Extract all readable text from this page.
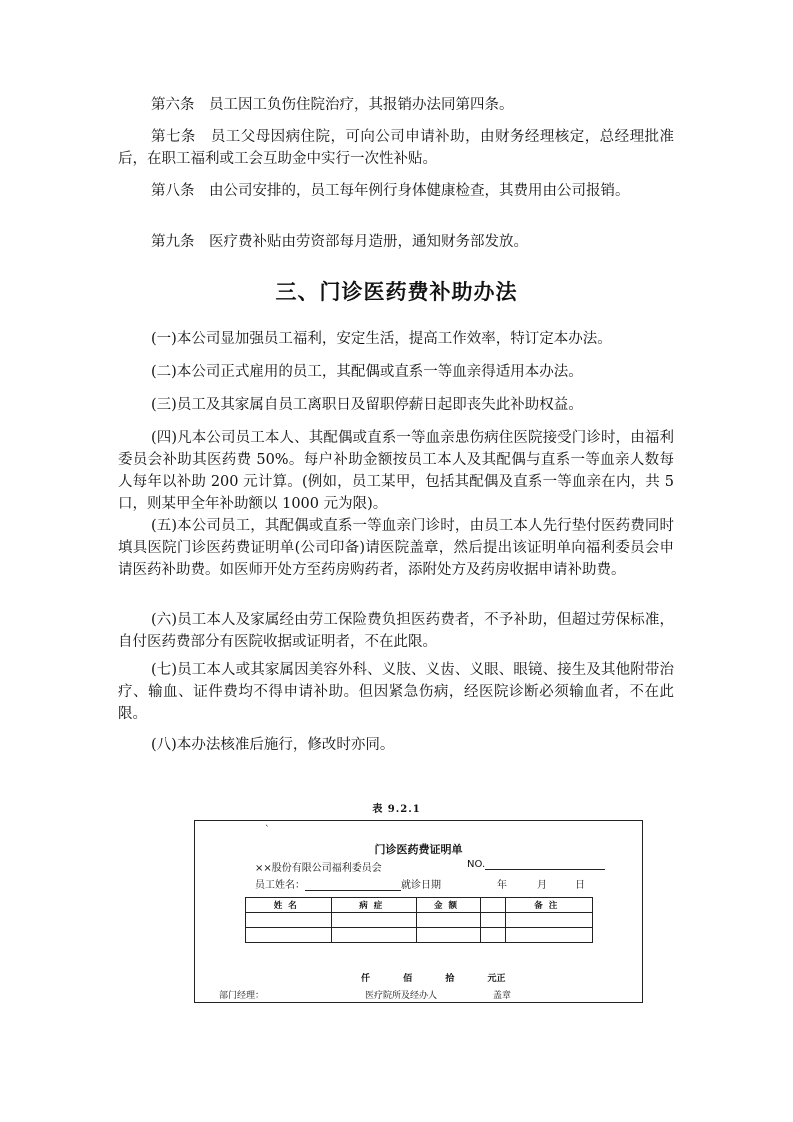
第六条　员工因工负伤住院治疗，其报销办法同第四条。

第七条　员工父母因病住院，可向公司申请补助，由财务经理核定，总经理批准后，在职工福利或工会互助金中实行一次性补贴。

第八条　由公司安排的，员工每年例行身体健康检查，其费用由公司报销。

第九条　医疗费补贴由劳资部每月造册，通知财务部发放。

三、门诊医药费补助办法

(一)本公司显加强员工福利，安定生活，提高工作效率，特订定本办法。

(二)本公司正式雇用的员工，其配偶或直系一等血亲得适用本办法。

(三)员工及其家属自员工离职日及留职停薪日起即丧失此补助权益。

(四)凡本公司员工本人、其配偶或直系一等血亲患伤病住医院接受门诊时，由福利委员会补助其医药费 50%。每户补助金额按员工本人及其配偶与直系一等血亲人数每人每年以补助 200 元计算。(例如，员工某甲，包括其配偶及直系一等血亲在内，共 5 口，则某甲全年补助额以 1000 元为限)。

(五)本公司员工，其配偶或直系一等血亲门诊时，由员工本人先行垫付医药费同时填具医院门诊医药费证明单(公司印备)请医院盖章，然后提出该证明单向福利委员会申请医药补助费。如医师开处方至药房购药者，添附处方及药房收据申请补助费。

(六)员工本人及家属经由劳工保险费负担医药费者，不予补助，但超过劳保标准，自付医药费部分有医院收据或证明者，不在此限。

(七)员工本人或其家属因美容外科、义肢、义齿、义眼、眼镜、接生及其他附带治疗、输血、证件费均不得申请补助。但因紧急伤病，经医院诊断必须输血者，不在此限。

(八)本办法核准后施行，修改时亦同。

表 9.2.1
`
门诊医药费证明单
××股份有限公司福利委员会	NO.
员工姓名：	就诊日期	年	月	日
姓名	病症	金额		备注

仟	佰	拾	元正
部门经理：	医疗院所及经办人	盖章
